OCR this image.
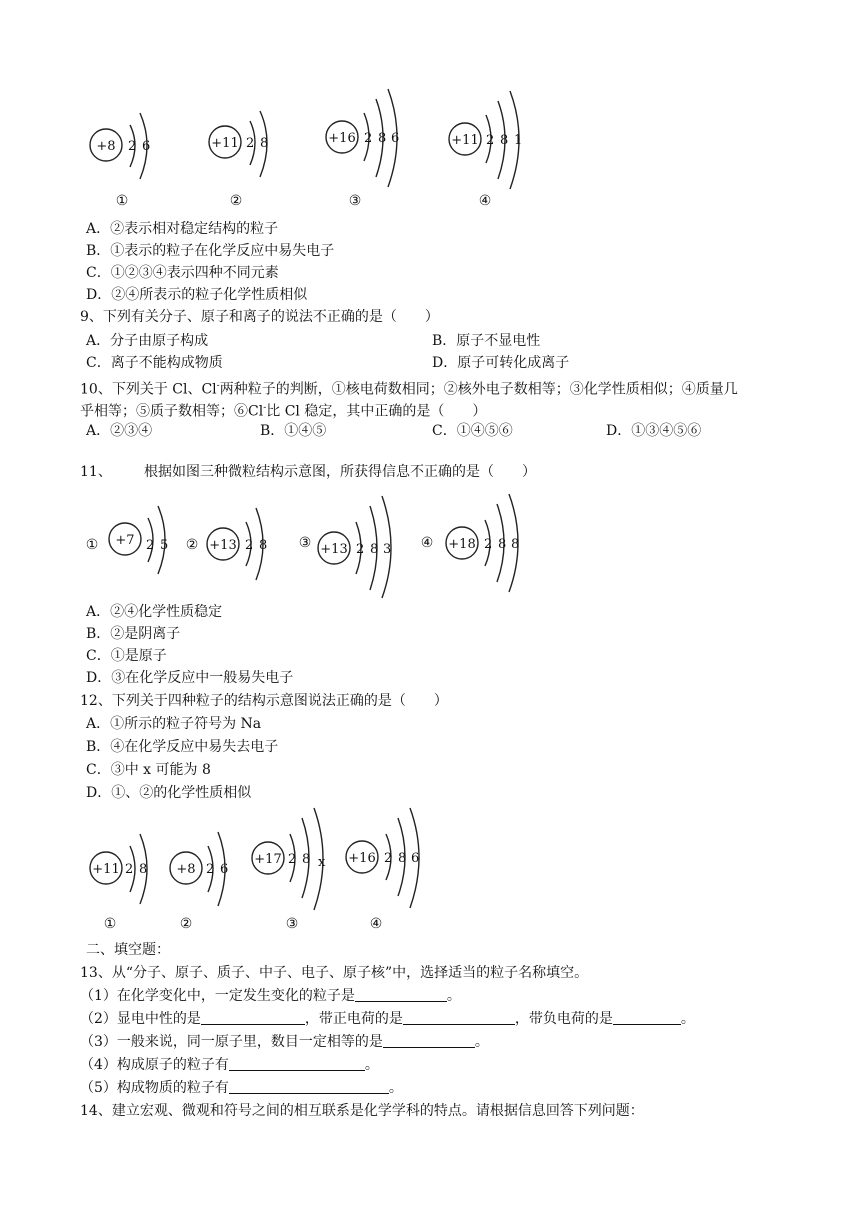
+8 2 6	+11 2 8	+16 2 8 6	+11 2 8 1
①	②	③	④
A．②表示相对稳定结构的粒子
B．①表示的粒子在化学反应中易失电子
C．①②③④表示四种不同元素
D．②④所表示的粒子化学性质相似
9、下列有关分子、原子和离子的说法不正确的是（　　）
A．分子由原子构成	B．原子不显电性
C．离子不能构成物质	D．原子可转化成离子
10、下列关于 Cl、Cl-两种粒子的判断，①核电荷数相同；②核外电子数相等；③化学性质相似；④质量几
乎相等；⑤质子数相等；⑥Cl-比 Cl 稳定，其中正确的是（　　）
A．②③④	B．①④⑤	C．①④⑤⑥	D．①③④⑤⑥
11、 根据如图三种微粒结构示意图，所获得信息不正确的是（　　）
① +7 2 5 ② +13 2 8 ③ +13 2 8 3 ④ +18 2 8 8
A．②④化学性质稳定
B．②是阴离子
C．①是原子
D．③在化学反应中一般易失电子
12、下列关于四种粒子的结构示意图说法正确的是（　　）
A．①所示的粒子符号为 Na
B．④在化学反应中易失去电子
C．③中 x 可能为 8
D．①、②的化学性质相似
+11 2 8 +8 2 6
+17 2 8 x +16 2 8 6
①	②	③	④
二、填空题：
13、从“分子、原子、质子、中子、电子、原子核”中，选择适当的粒子名称填空。
（1）在化学变化中，一定发生变化的粒子是	。
（2）显电中性的是	，带正电荷的是	，带负电荷的是	。
（3）一般来说，同一原子里，数目一定相等的是	。
（4）构成原子的粒子有	。
（5）构成物质的粒子有	。
14、建立宏观、微观和符号之间的相互联系是化学学科的特点。请根据信息回答下列问题：
